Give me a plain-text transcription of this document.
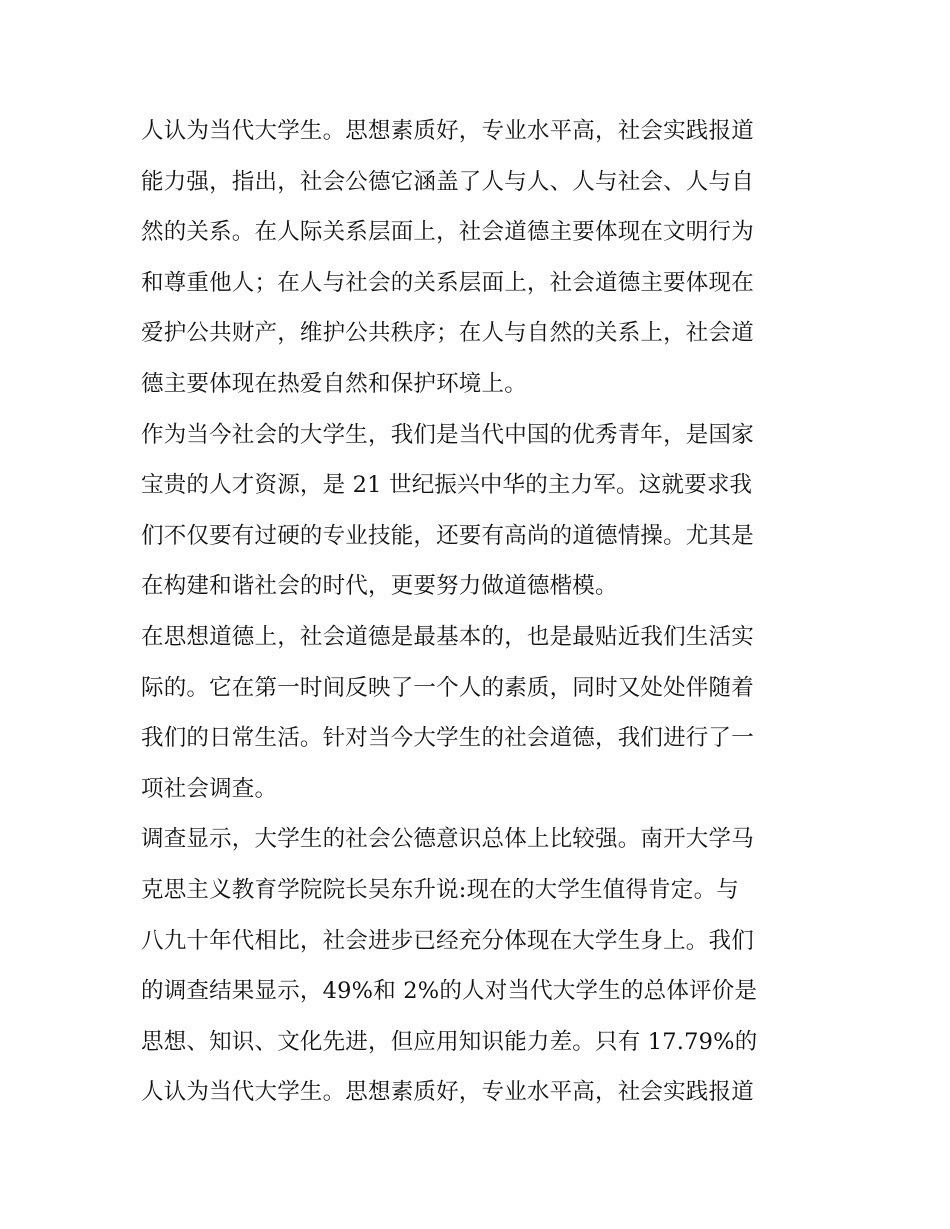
人认为当代大学生。思想素质好，专业水平高，社会实践报道
能力强，指出，社会公德它涵盖了人与人、人与社会、人与自
然的关系。在人际关系层面上，社会道德主要体现在文明行为
和尊重他人；在人与社会的关系层面上，社会道德主要体现在
爱护公共财产，维护公共秩序；在人与自然的关系上，社会道
德主要体现在热爱自然和保护环境上。
作为当今社会的大学生，我们是当代中国的优秀青年，是国家
宝贵的人才资源，是 21 世纪振兴中华的主力军。这就要求我
们不仅要有过硬的专业技能，还要有高尚的道德情操。尤其是
在构建和谐社会的时代，更要努力做道德楷模。
在思想道德上，社会道德是最基本的，也是最贴近我们生活实
际的。它在第一时间反映了一个人的素质，同时又处处伴随着
我们的日常生活。针对当今大学生的社会道德，我们进行了一
项社会调查。
调查显示，大学生的社会公德意识总体上比较强。南开大学马
克思主义教育学院院长吴东升说:现在的大学生值得肯定。与
八九十年代相比，社会进步已经充分体现在大学生身上。我们
的调查结果显示，49%和 2%的人对当代大学生的总体评价是
思想、知识、文化先进，但应用知识能力差。只有 17.79%的
人认为当代大学生。思想素质好，专业水平高，社会实践报道
